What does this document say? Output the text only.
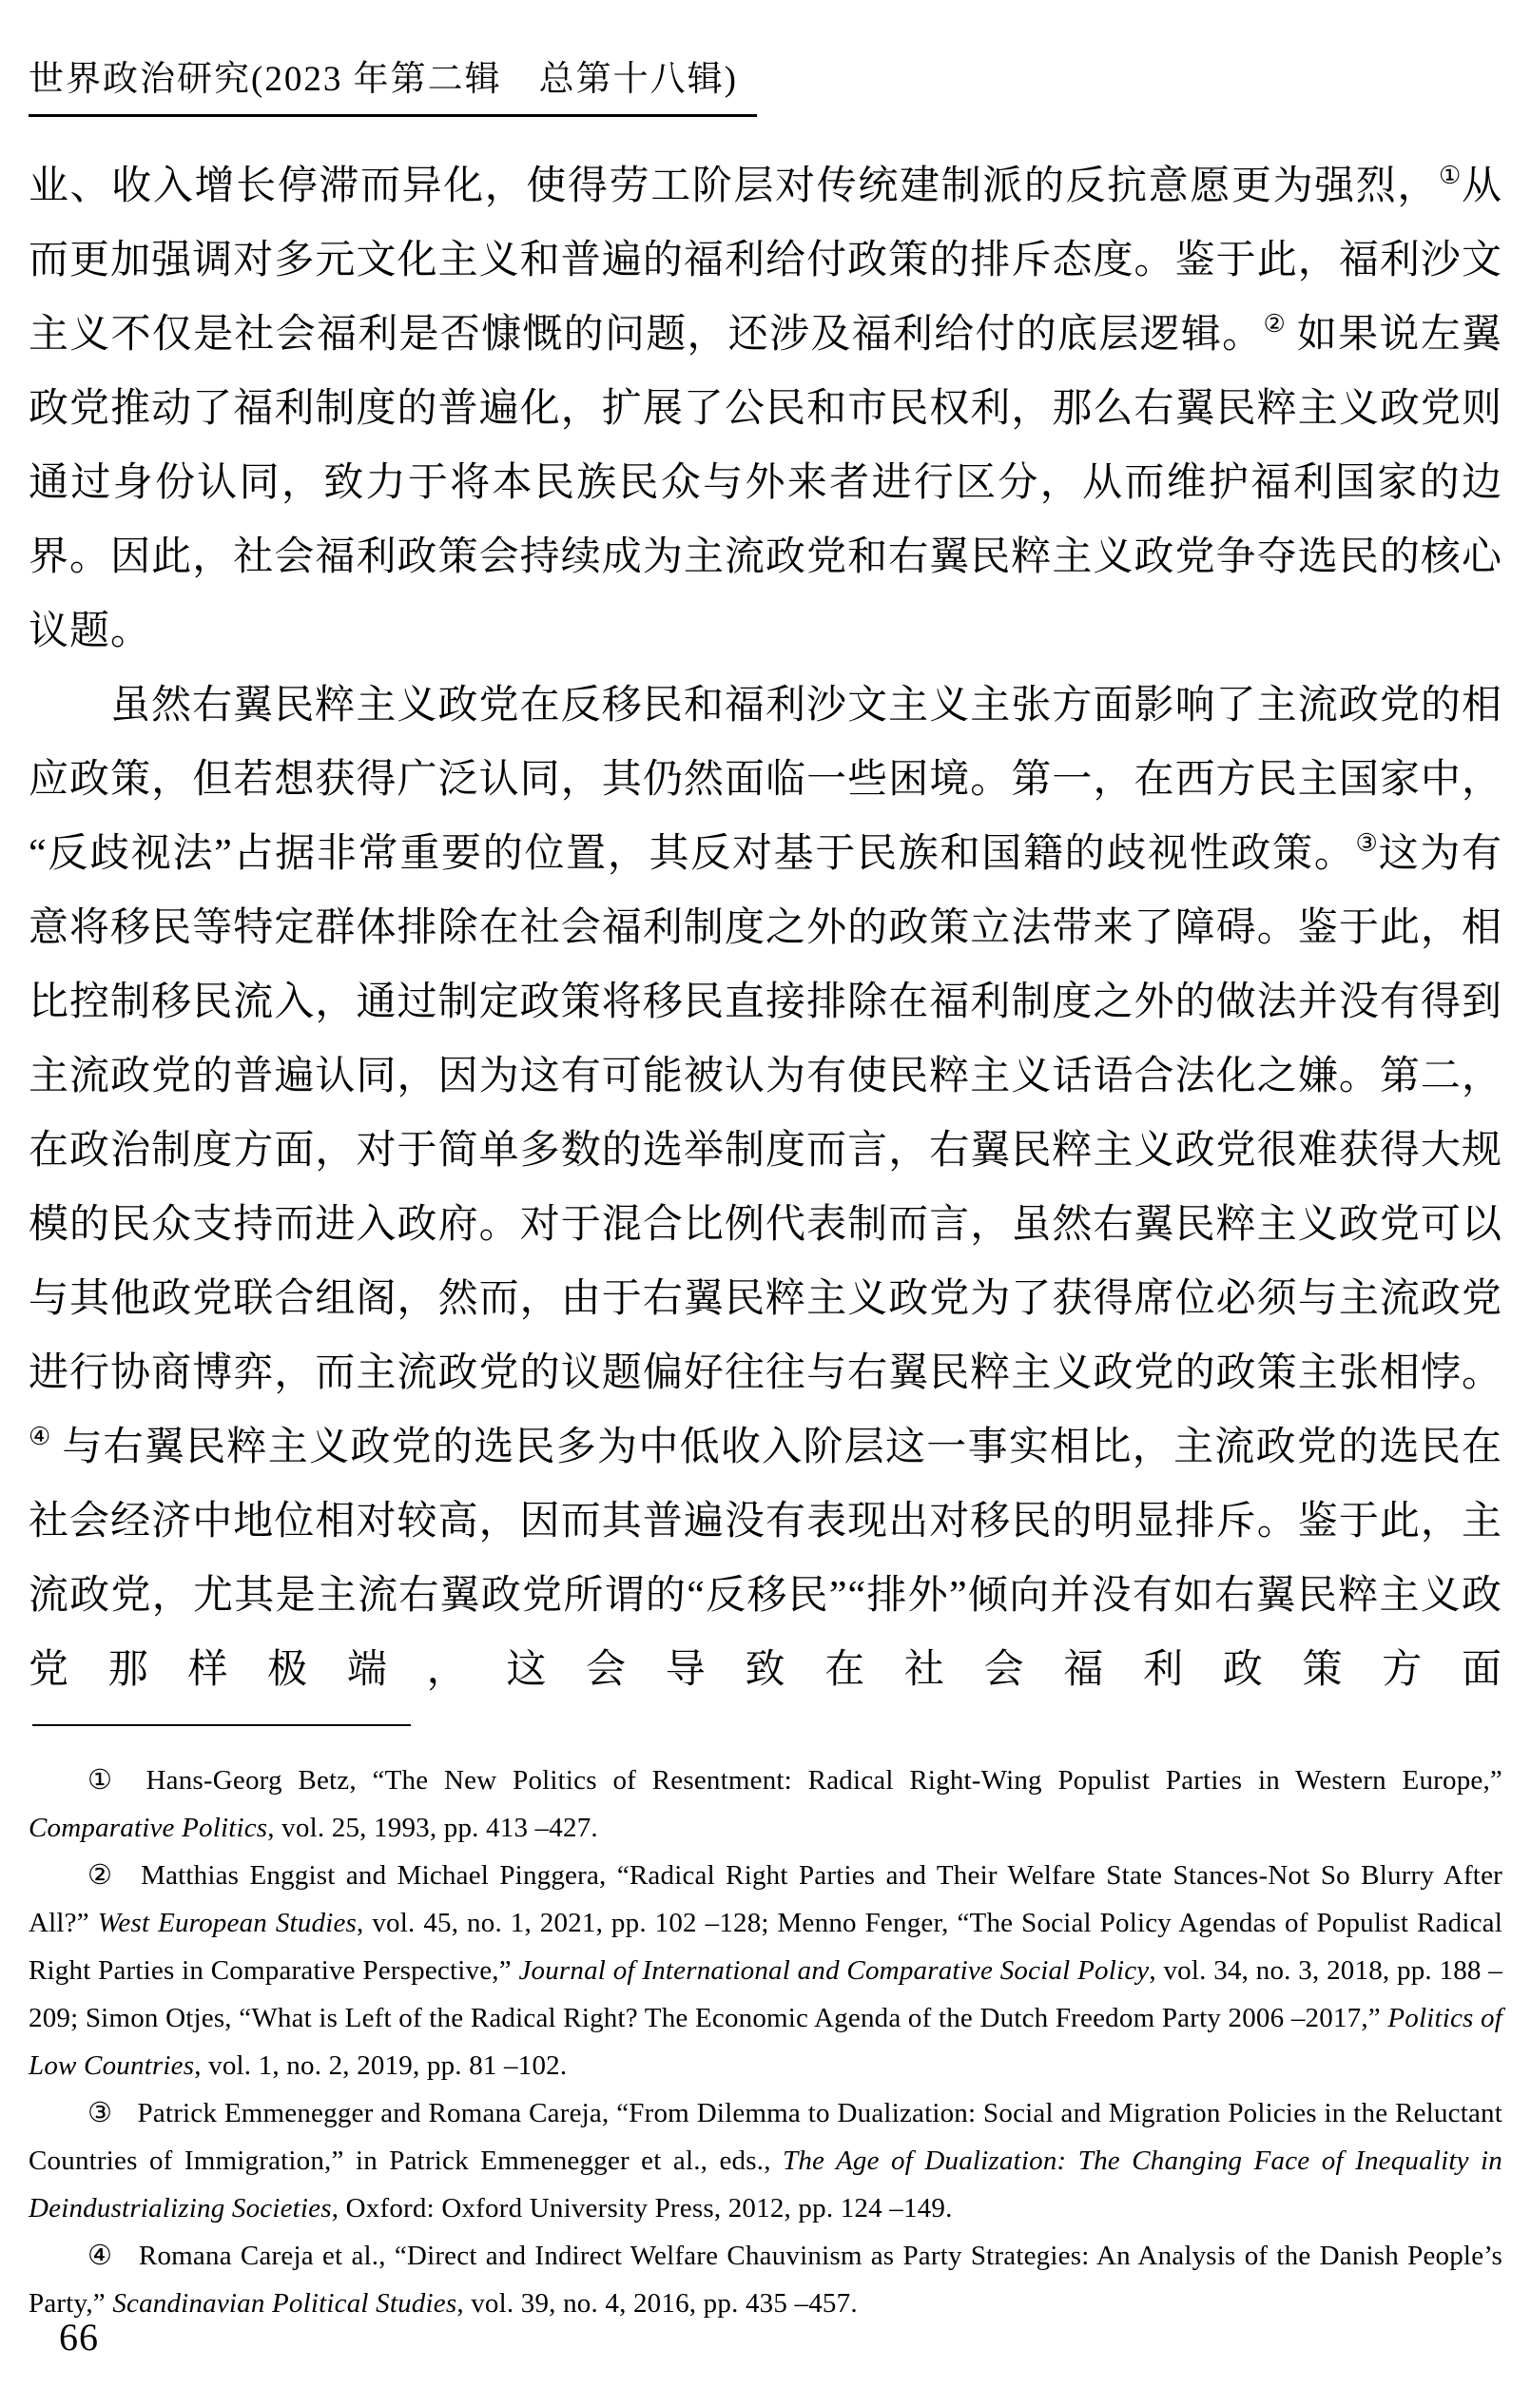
世界政治研究(2023 年第二辑　总第十八辑)

业、收入增长停滞而异化，使得劳工阶层对传统建制派的反抗意愿更为强烈，①从而更加强调对多元文化主义和普遍的福利给付政策的排斥态度。鉴于此，福利沙文主义不仅是社会福利是否慷慨的问题，还涉及福利给付的底层逻辑。② 如果说左翼政党推动了福利制度的普遍化，扩展了公民和市民权利，那么右翼民粹主义政党则通过身份认同，致力于将本民族民众与外来者进行区分，从而维护福利国家的边界。因此，社会福利政策会持续成为主流政党和右翼民粹主义政党争夺选民的核心议题。

虽然右翼民粹主义政党在反移民和福利沙文主义主张方面影响了主流政党的相应政策，但若想获得广泛认同，其仍然面临一些困境。第一，在西方民主国家中，“反歧视法”占据非常重要的位置，其反对基于民族和国籍的歧视性政策。③这为有意将移民等特定群体排除在社会福利制度之外的政策立法带来了障碍。鉴于此，相比控制移民流入，通过制定政策将移民直接排除在福利制度之外的做法并没有得到主流政党的普遍认同，因为这有可能被认为有使民粹主义话语合法化之嫌。第二，在政治制度方面，对于简单多数的选举制度而言，右翼民粹主义政党很难获得大规模的民众支持而进入政府。对于混合比例代表制而言，虽然右翼民粹主义政党可以与其他政党联合组阁，然而，由于右翼民粹主义政党为了获得席位必须与主流政党进行协商博弈，而主流政党的议题偏好往往与右翼民粹主义政党的政策主张相悖。④ 与右翼民粹主义政党的选民多为中低收入阶层这一事实相比，主流政党的选民在社会经济中地位相对较高，因而其普遍没有表现出对移民的明显排斥。鉴于此，主流政党，尤其是主流右翼政党所谓的“反移民”“排外”倾向并没有如右翼民粹主义政党那样极端，这会导致在社会福利政策方面

① Hans-Georg Betz, “The New Politics of Resentment: Radical Right-Wing Populist Parties in Western Europe,” Comparative Politics, vol. 25, 1993, pp. 413 –427.

② Matthias Enggist and Michael Pinggera, “Radical Right Parties and Their Welfare State Stances-Not So Blurry After All?” West European Studies, vol. 45, no. 1, 2021, pp. 102 –128; Menno Fenger, “The Social Policy Agendas of Populist Radical Right Parties in Comparative Perspective,” Journal of International and Comparative Social Policy, vol. 34, no. 3, 2018, pp. 188 –209; Simon Otjes, “What is Left of the Radical Right? The Economic Agenda of the Dutch Freedom Party 2006 –2017,” Politics of Low Countries, vol. 1, no. 2, 2019, pp. 81 –102.

③ Patrick Emmenegger and Romana Careja, “From Dilemma to Dualization: Social and Migration Policies in the Reluctant Countries of Immigration,” in Patrick Emmenegger et al., eds., The Age of Dualization: The Changing Face of Inequality in Deindustrializing Societies, Oxford: Oxford University Press, 2012, pp. 124 –149.

④ Romana Careja et al., “Direct and Indirect Welfare Chauvinism as Party Strategies: An Analysis of the Danish People’s Party,” Scandinavian Political Studies, vol. 39, no. 4, 2016, pp. 435 –457.

66
